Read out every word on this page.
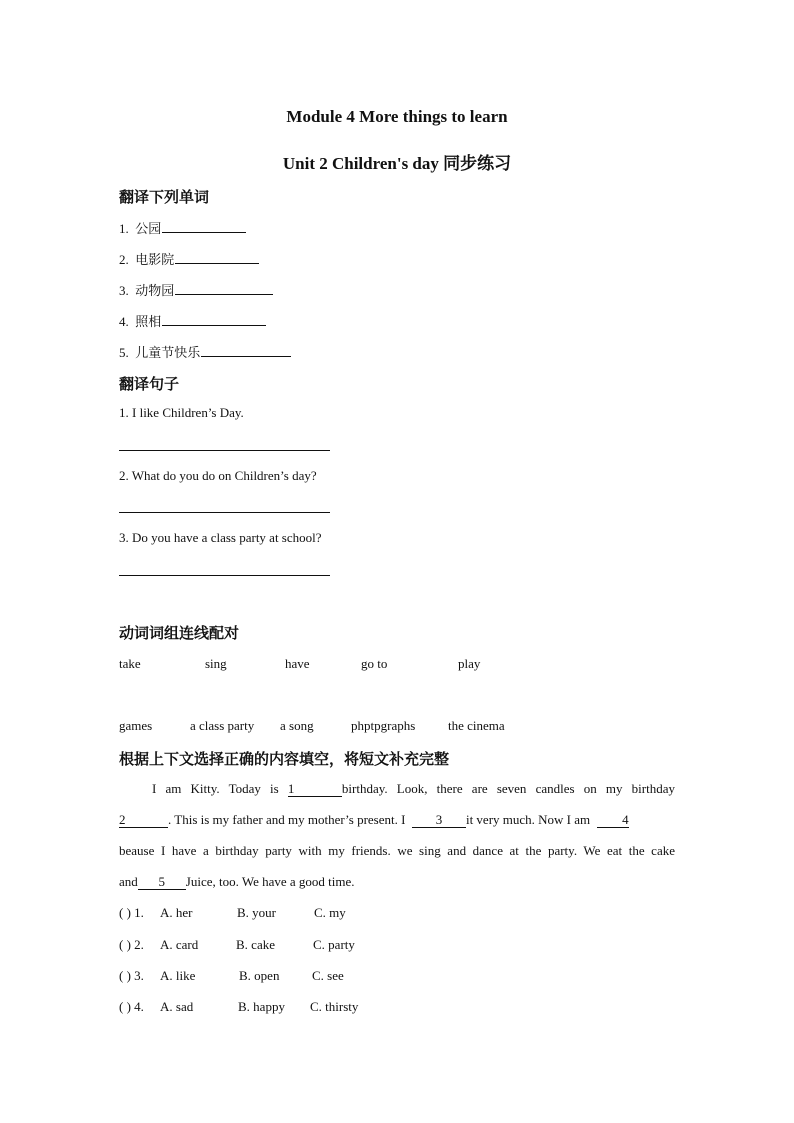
Module 4 More things to learn
Unit 2 Children's day 同步练习
翻译下列单词
1. 公园
2. 电影院
3. 动物园
4. 照相
5. 儿童节快乐
翻译句子
1. I like Children’s Day.
2. What do you do on Children’s day?
3. Do you have a class party at school?
动词词组连线配对
take	sing	have	go to	play
games	a class party a song	phptpgraphs	the cinema
根据上下文选择正确的内容填空，将短文补充完整
I am Kitty. Today is 1	birthday. Look, there are seven candles on my birthday
2	. This is my father and my mother’s present. I 3 it very much. Now I am 4
beause I have a birthday party with my friends. we sing and dance at the party. We eat the cake
and 5 Juice, too. We have a good time.
( ) 1. A. her	B. your	C. my
( ) 2. A. card	B. cake	C. party
( ) 3. A. like	B. open	C. see
( ) 4. A. sad	B. happy C. thirsty
